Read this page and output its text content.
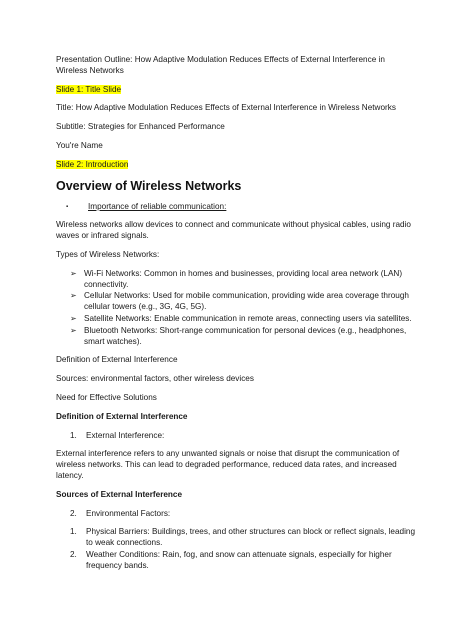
Presentation Outline: How Adaptive Modulation Reduces Effects of External Interference in Wireless Networks

Slide 1: Title Slide

Title: How Adaptive Modulation Reduces Effects of External Interference in Wireless Networks

Subtitle: Strategies for Enhanced Performance

You're Name

Slide 2: Introduction

Overview of Wireless Networks
▪	Importance of reliable communication:

Wireless networks allow devices to connect and communicate without physical cables, using radio waves or infrared signals.

Types of Wireless Networks:

➢ Wi-Fi Networks: Common in homes and businesses, providing local area network (LAN) connectivity.
➢ Cellular Networks: Used for mobile communication, providing wide area coverage through cellular towers (e.g., 3G, 4G, 5G).
➢ Satellite Networks: Enable communication in remote areas, connecting users via satellites.
➢ Bluetooth Networks: Short-range communication for personal devices (e.g., headphones, smart watches).

Definition of External Interference

Sources: environmental factors, other wireless devices

Need for Effective Solutions

Definition of External Interference

1.	External Interference:

External interference refers to any unwanted signals or noise that disrupt the communication of wireless networks. This can lead to degraded performance, reduced data rates, and increased latency.

Sources of External Interference

2.	Environmental Factors:
1.	Physical Barriers: Buildings, trees, and other structures can block or reflect signals, leading to weak connections.
2.	Weather Conditions: Rain, fog, and snow can attenuate signals, especially for higher frequency bands.
